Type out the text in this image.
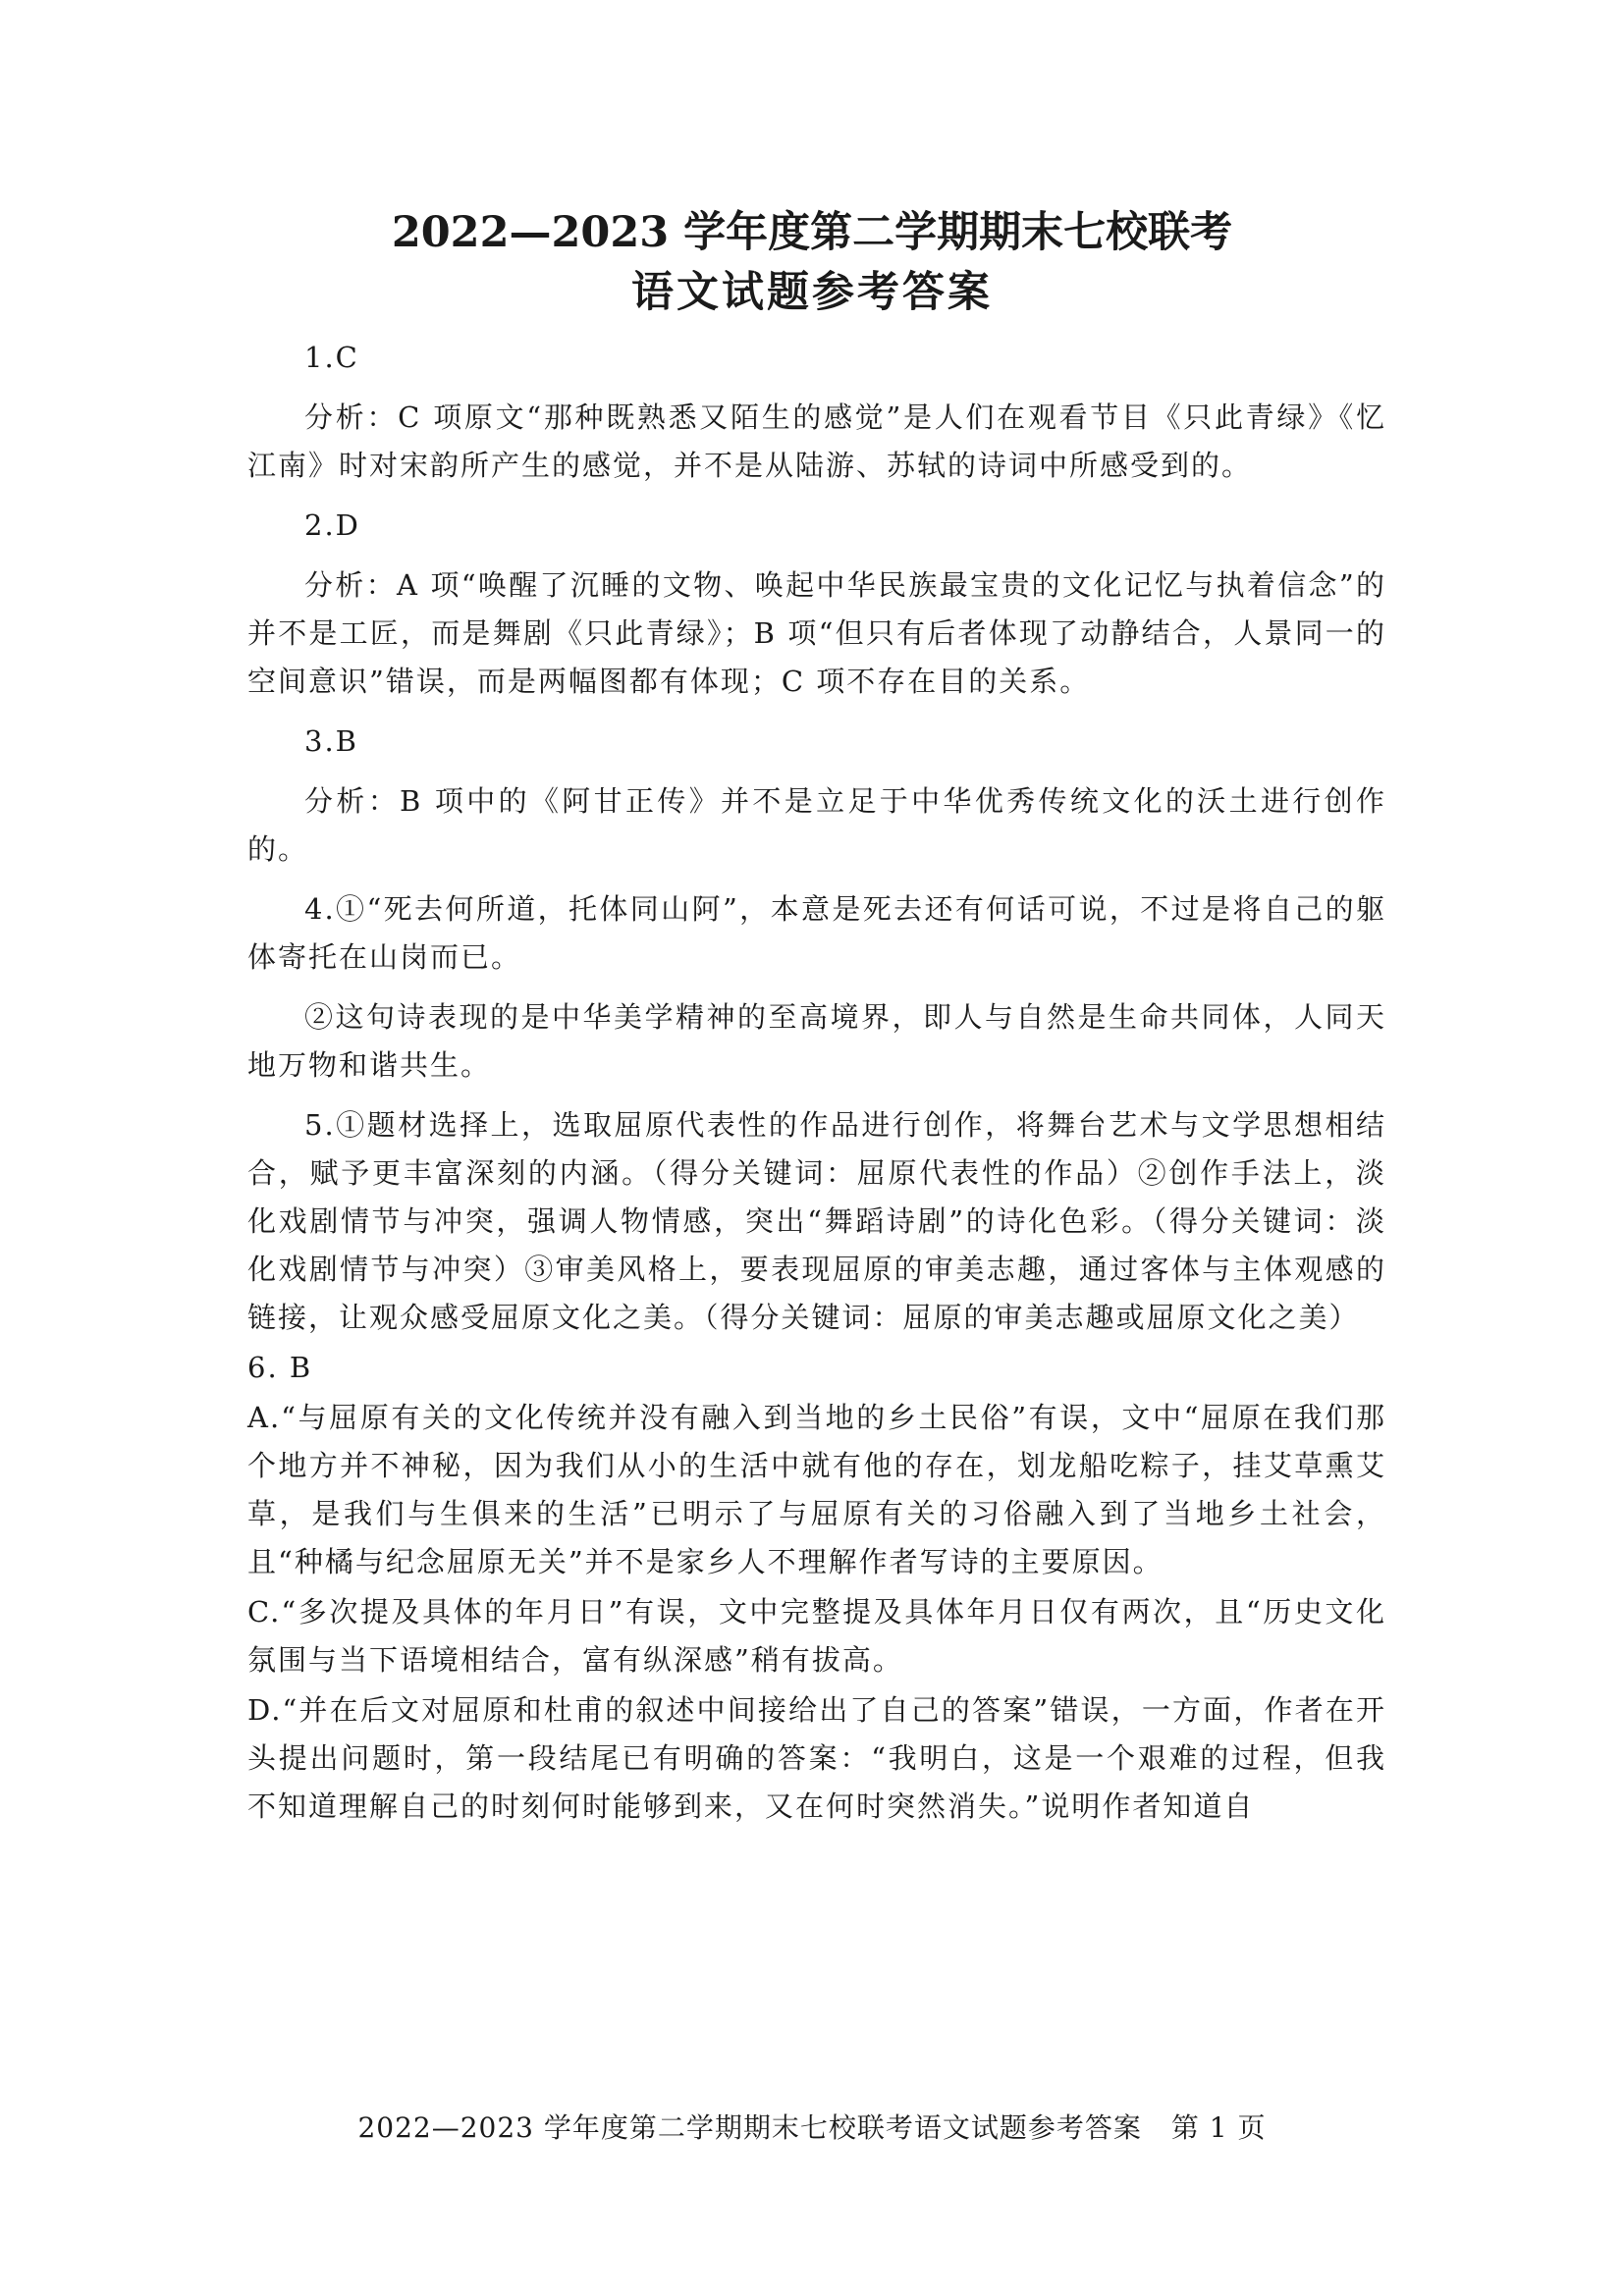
2022—2023 学年度第二学期期末七校联考
语文试题参考答案

1.C

分析：C 项原文“那种既熟悉又陌生的感觉”是人们在观看节目《只此青绿》《忆江南》时对宋韵所产生的感觉，并不是从陆游、苏轼的诗词中所感受到的。

2.D

分析：A 项“唤醒了沉睡的文物、唤起中华民族最宝贵的文化记忆与执着信念”的并不是工匠，而是舞剧《只此青绿》；B 项“但只有后者体现了动静结合，人景同一的空间意识”错误，而是两幅图都有体现；C 项不存在目的关系。

3.B

分析：B 项中的《阿甘正传》并不是立足于中华优秀传统文化的沃土进行创作的。

4.①“死去何所道，托体同山阿”，本意是死去还有何话可说，不过是将自己的躯体寄托在山岗而已。

②这句诗表现的是中华美学精神的至高境界，即人与自然是生命共同体，人同天地万物和谐共生。

5.①题材选择上，选取屈原代表性的作品进行创作，将舞台艺术与文学思想相结合，赋予更丰富深刻的内涵。（得分关键词：屈原代表性的作品）②创作手法上，淡化戏剧情节与冲突，强调人物情感，突出“舞蹈诗剧”的诗化色彩。（得分关键词：淡化戏剧情节与冲突）③审美风格上，要表现屈原的审美志趣，通过客体与主体观感的链接，让观众感受屈原文化之美。（得分关键词：屈原的审美志趣或屈原文化之美）

6. B

A.“与屈原有关的文化传统并没有融入到当地的乡土民俗”有误，文中“屈原在我们那个地方并不神秘，因为我们从小的生活中就有他的存在，划龙船吃粽子，挂艾草熏艾草，是我们与生俱来的生活”已明示了与屈原有关的习俗融入到了当地乡土社会，且“种橘与纪念屈原无关”并不是家乡人不理解作者写诗的主要原因。

C.“多次提及具体的年月日”有误，文中完整提及具体年月日仅有两次，且“历史文化氛围与当下语境相结合，富有纵深感”稍有拔高。

D.“并在后文对屈原和杜甫的叙述中间接给出了自己的答案”错误，一方面，作者在开头提出问题时，第一段结尾已有明确的答案：“我明白，这是一个艰难的过程，但我不知道理解自己的时刻何时能够到来，又在何时突然消失。”说明作者知道自

2022—2023 学年度第二学期期末七校联考语文试题参考答案 第 1 页
